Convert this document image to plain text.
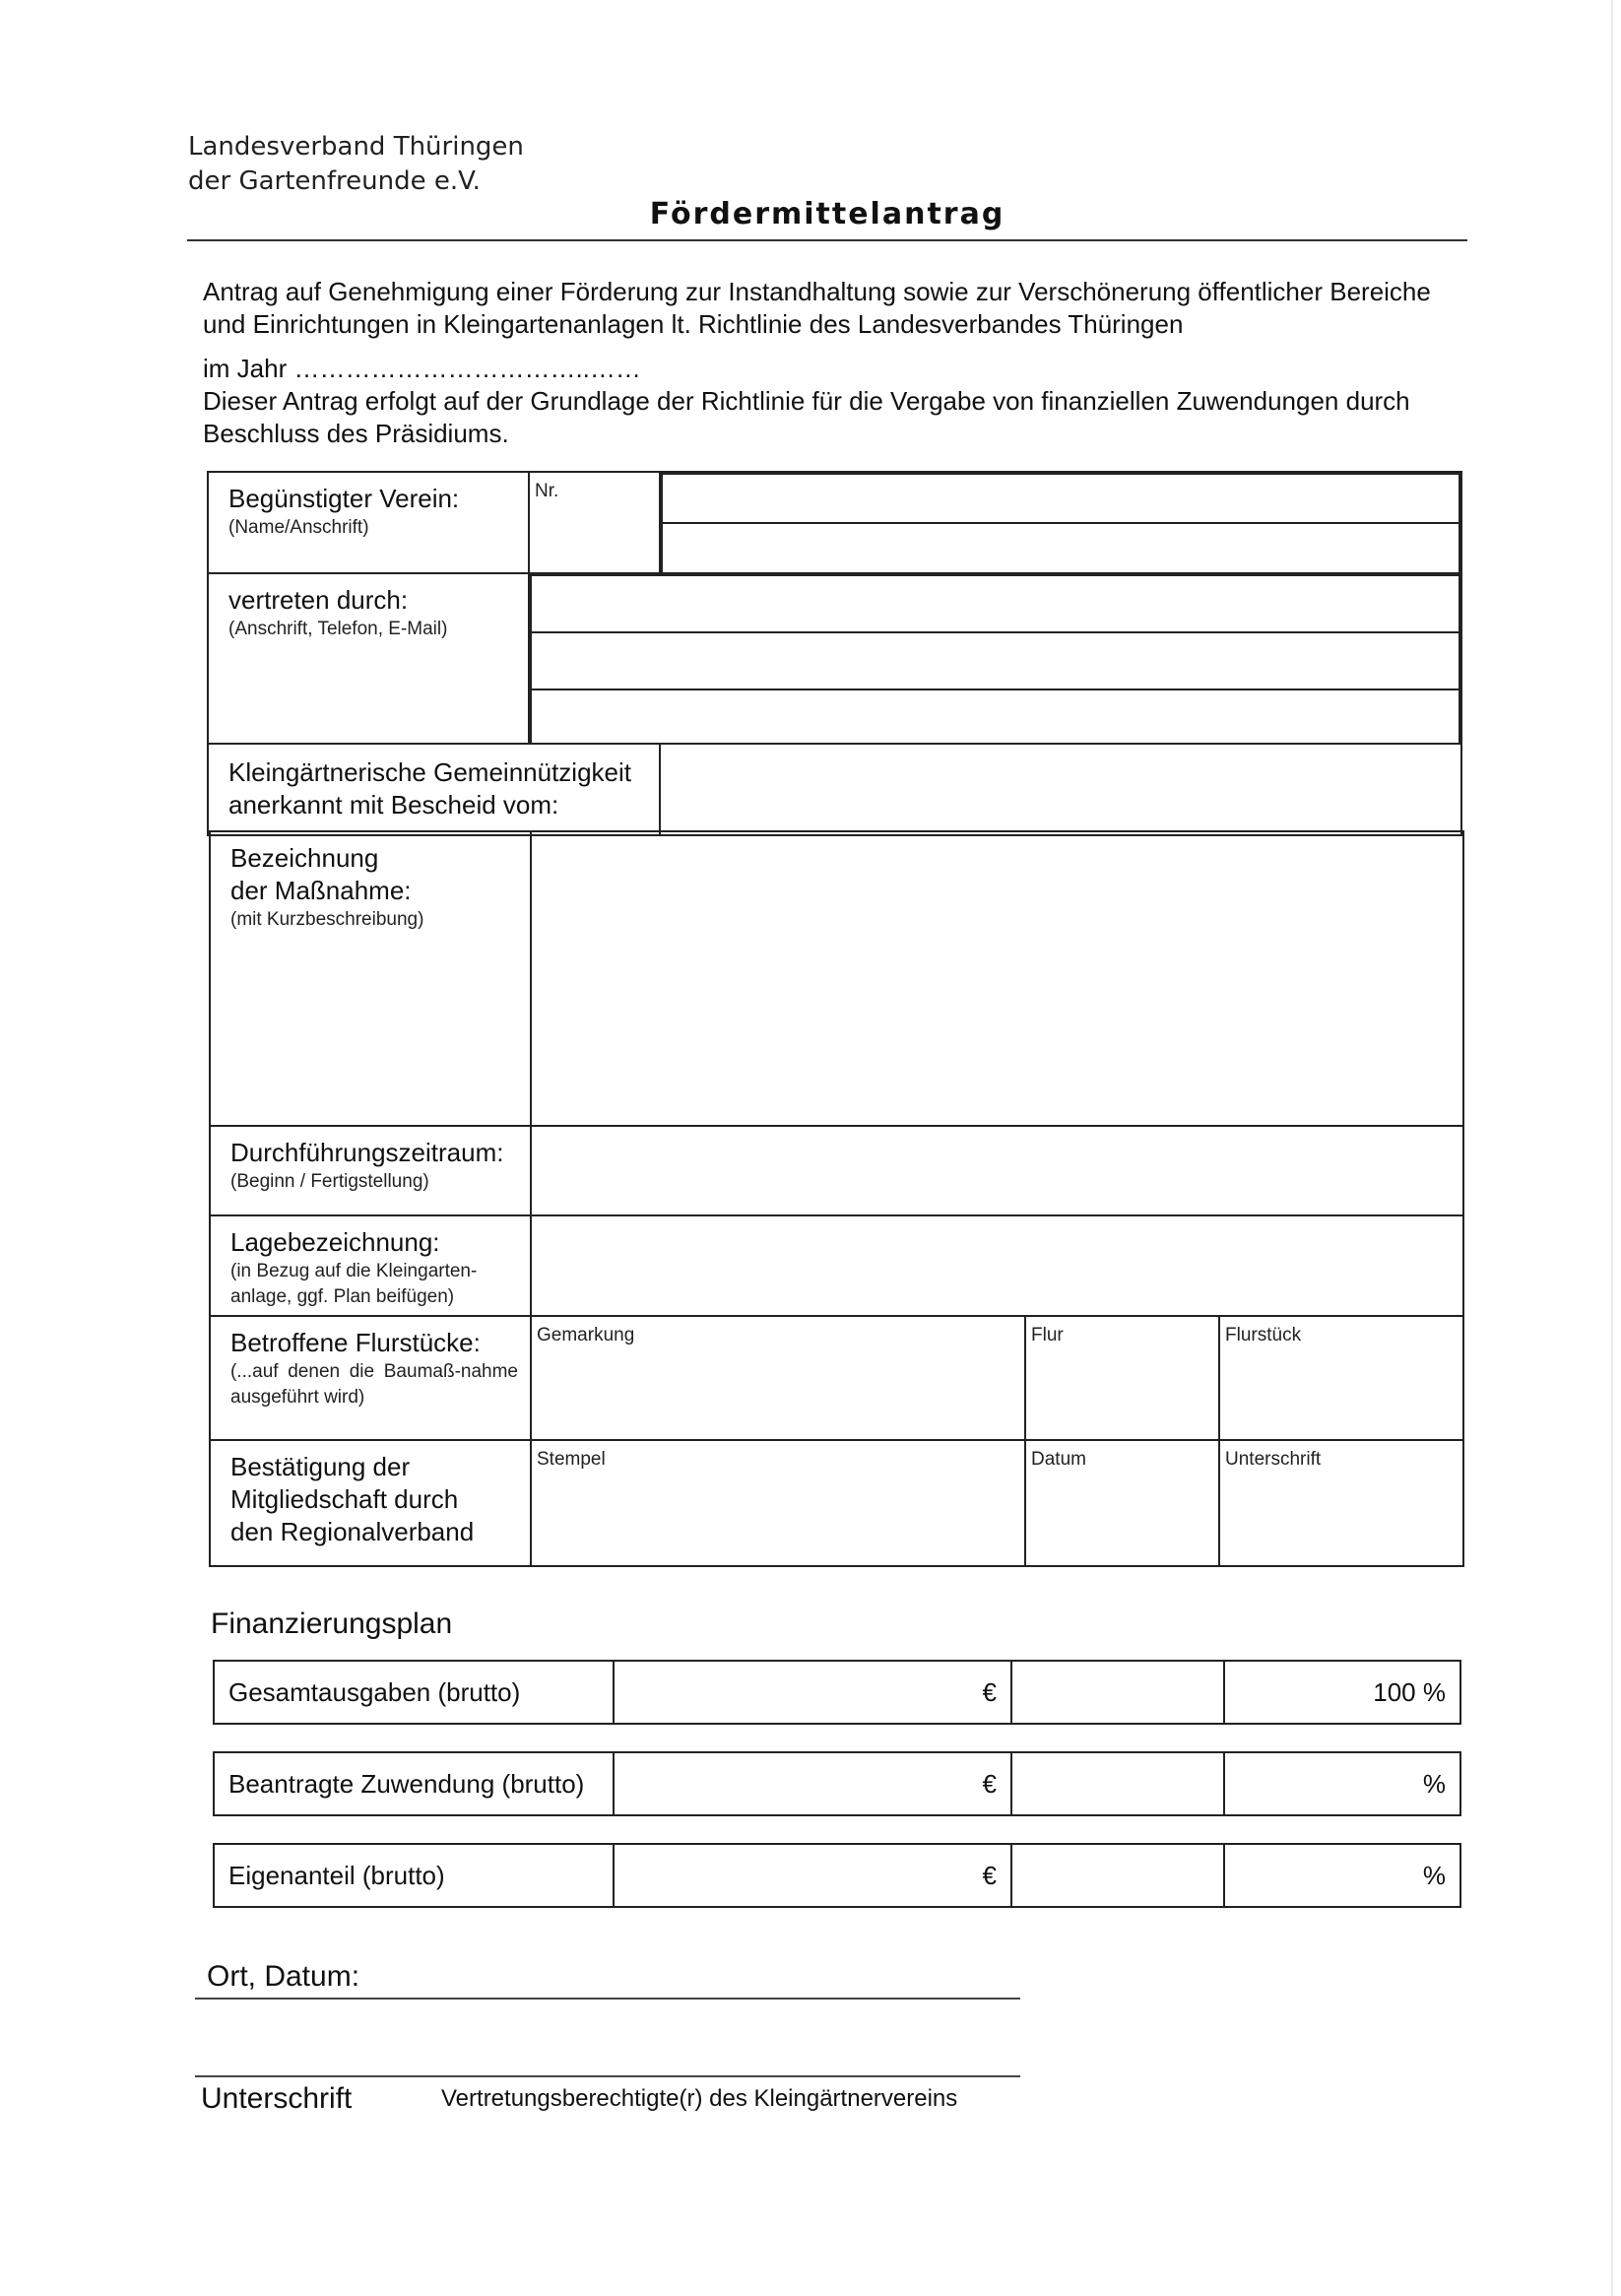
Landesverband Thüringen
der Gartenfreunde e.V.
Fördermittelantrag

Antrag auf Genehmigung einer Förderung zur Instandhaltung sowie zur Verschönerung öffentlicher Bereiche und Einrichtungen in Kleingartenanlagen lt. Richtlinie des Landesverbandes Thüringen

im Jahr ……………………………..……

Dieser Antrag erfolgt auf der Grundlage der Richtlinie für die Vergabe von finanziellen Zuwendungen durch Beschluss des Präsidiums.

Begünstigter Verein:
(Name/Anschrift)

Nr.

vertreten durch:
(Anschrift, Telefon, E-Mail)

Kleingärtnerische Gemeinnützigkeit anerkannt mit Bescheid vom:

Bezeichnung
der Maßnahme:
(mit Kurzbeschreibung)			

Durchführungszeitraum:
(Beginn / Fertigstellung)			

Lagebezeichnung:
(in Bezug auf die Kleingarten-anlage, ggf. Plan beifügen)			

Betroffene Flurstücke:
(...auf denen die Baumaß-nahme ausgeführt wird)	Gemarkung	Flur	Flurstück

Bestätigung der Mitgliedschaft durch den Regionalverband	Stempel	Datum	Unterschrift
Finanzierungsplan
Gesamtausgaben (brutto)	€	100 %
Beantragte Zuwendung (brutto)	€	%
Eigenanteil (brutto)	€	%
Ort, Datum:
Unterschrift	Vertretungsberechtigte(r) des Kleingärtnervereins
